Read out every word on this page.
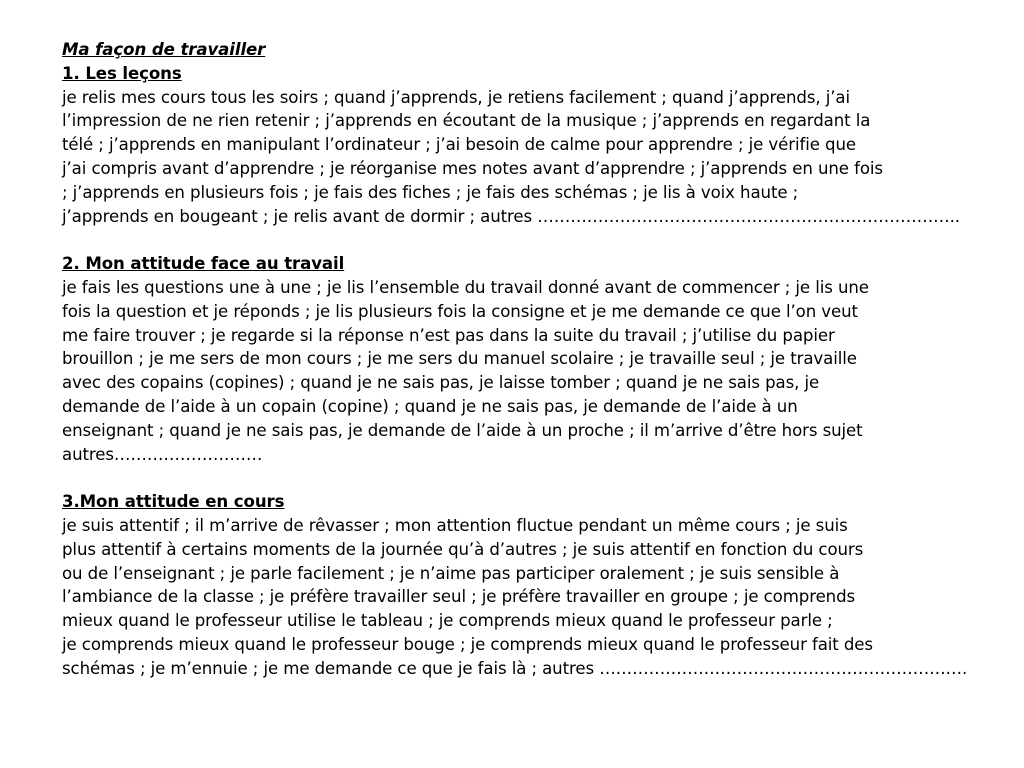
Ma façon de travailler
1. Les leçons
je relis mes cours tous les soirs ; quand j’apprends, je retiens facilement ; quand j’apprends, j’ai
l’impression de ne rien retenir ; j’apprends en écoutant de la musique ; j’apprends en regardant la
télé ; j’apprends en manipulant l’ordinateur ; j’ai besoin de calme pour apprendre ; je vérifie que
j’ai compris avant d’apprendre ; je réorganise mes notes avant d’apprendre ; j’apprends en une fois
; j’apprends en plusieurs fois ; je fais des fiches ; je fais des schémas ; je lis à voix haute ;
j’apprends en bougeant ; je relis avant de dormir ; autres …………………………………………………………………..
2. Mon attitude face au travail
je fais les questions une à une ; je lis l’ensemble du travail donné avant de commencer ; je lis une
fois la question et je réponds ; je lis plusieurs fois la consigne et je me demande ce que l’on veut
me faire trouver ; je regarde si la réponse n’est pas dans la suite du travail ; j’utilise du papier
brouillon ; je me sers de mon cours ; je me sers du manuel scolaire ; je travaille seul ; je travaille
avec des copains (copines) ; quand je ne sais pas, je laisse tomber ; quand je ne sais pas, je
demande de l’aide à un copain (copine) ; quand je ne sais pas, je demande de l’aide à un
enseignant ; quand je ne sais pas, je demande de l’aide à un proche ; il m’arrive d’être hors sujet
autres………………………
3.Mon attitude en cours
je suis attentif ; il m’arrive de rêvasser ; mon attention fluctue pendant un même cours ; je suis
plus attentif à certains moments de la journée qu’à d’autres ; je suis attentif en fonction du cours
ou de l’enseignant ; je parle facilement ; je n’aime pas participer oralement ; je suis sensible à
l’ambiance de la classe ; je préfère travailler seul ; je préfère travailler en groupe ; je comprends
mieux quand le professeur utilise le tableau ; je comprends mieux quand le professeur parle ;
je comprends mieux quand le professeur bouge ; je comprends mieux quand le professeur fait des
schémas ; je m’ennuie ; je me demande ce que je fais là ; autres ………………………………………………………….
